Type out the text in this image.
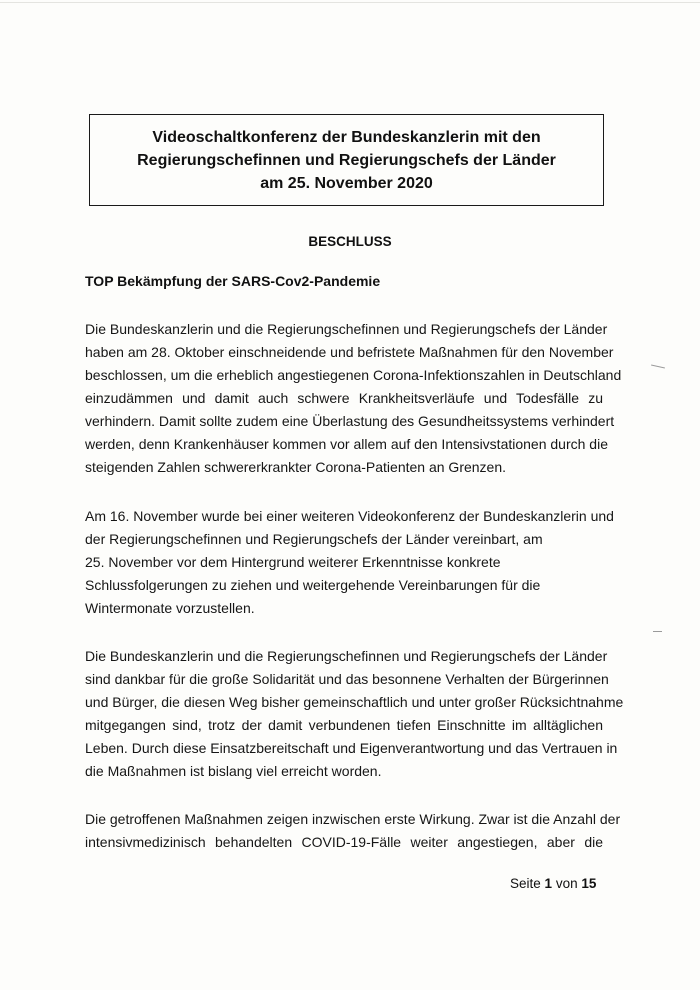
Videoschaltkonferenz der Bundeskanzlerin mit den
Regierungschefinnen und Regierungschefs der Länder
am 25. November 2020
BESCHLUSS
TOP Bekämpfung der SARS-Cov2-Pandemie

Die Bundeskanzlerin und die Regierungschefinnen und Regierungschefs der Länder
haben am 28. Oktober einschneidende und befristete Maßnahmen für den November
beschlossen, um die erheblich angestiegenen Corona-Infektionszahlen in Deutschland
einzudämmen und damit auch schwere Krankheitsverläufe und Todesfälle zu
verhindern. Damit sollte zudem eine Überlastung des Gesundheitssystems verhindert
werden, denn Krankenhäuser kommen vor allem auf den Intensivstationen durch die
steigenden Zahlen schwererkrankter Corona-Patienten an Grenzen.

Am 16. November wurde bei einer weiteren Videokonferenz der Bundeskanzlerin und
der Regierungschefinnen und Regierungschefs der Länder vereinbart, am
25. November vor dem Hintergrund weiterer Erkenntnisse konkrete
Schlussfolgerungen zu ziehen und weitergehende Vereinbarungen für die
Wintermonate vorzustellen.

Die Bundeskanzlerin und die Regierungschefinnen und Regierungschefs der Länder
sind dankbar für die große Solidarität und das besonnene Verhalten der Bürgerinnen
und Bürger, die diesen Weg bisher gemeinschaftlich und unter großer Rücksichtnahme
mitgegangen sind, trotz der damit verbundenen tiefen Einschnitte im alltäglichen
Leben. Durch diese Einsatzbereitschaft und Eigenverantwortung und das Vertrauen in
die Maßnahmen ist bislang viel erreicht worden.

Die getroffenen Maßnahmen zeigen inzwischen erste Wirkung. Zwar ist die Anzahl der
intensivmedizinisch behandelten COVID-19-Fälle weiter angestiegen, aber die

Seite 1 von 15
